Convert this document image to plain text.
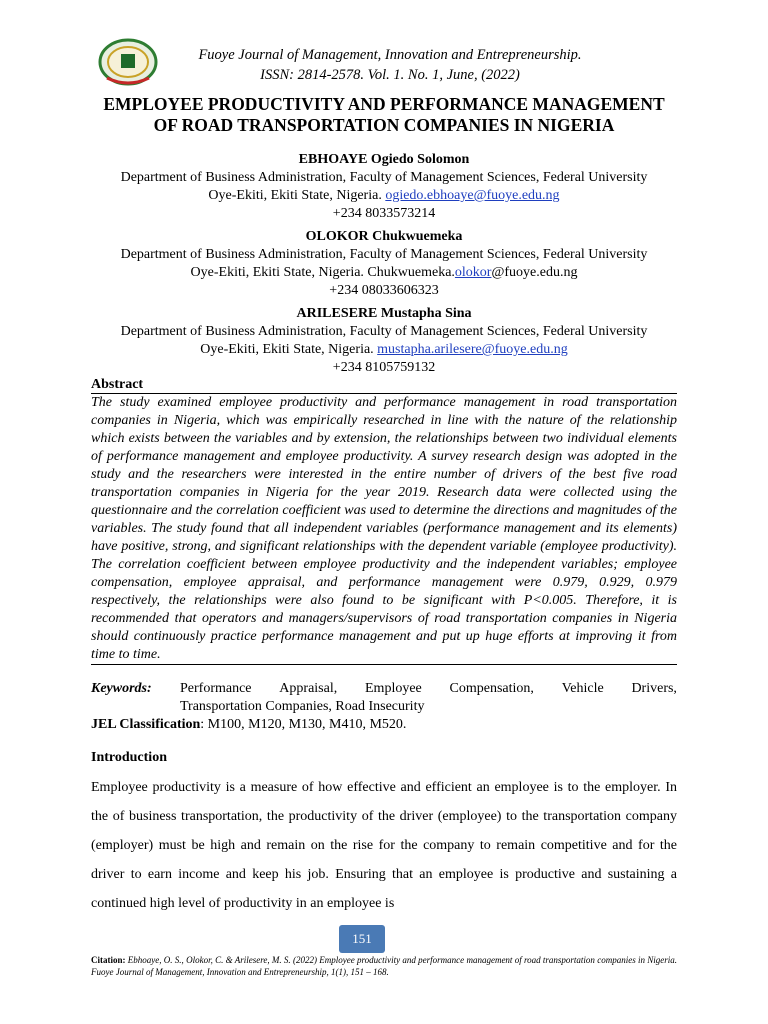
Fuoye Journal of Management, Innovation and Entrepreneurship.
ISSN: 2814-2578. Vol. 1. No. 1, June, (2022)
EMPLOYEE PRODUCTIVITY AND PERFORMANCE MANAGEMENT
OF ROAD TRANSPORTATION COMPANIES IN NIGERIA
EBHOAYE Ogiedo Solomon
Department of Business Administration, Faculty of Management Sciences, Federal University
Oye-Ekiti, Ekiti State, Nigeria. ogiedo.ebhoaye@fuoye.edu.ng
+234 8033573214
OLOKOR Chukwuemeka
Department of Business Administration, Faculty of Management Sciences, Federal University
Oye-Ekiti, Ekiti State, Nigeria. Chukwuemeka.olokor@fuoye.edu.ng
+234 08033606323
ARILESERE Mustapha Sina
Department of Business Administration, Faculty of Management Sciences, Federal University
Oye-Ekiti, Ekiti State, Nigeria. mustapha.arilesere@fuoye.edu.ng
+234 8105759132
Abstract
The study examined employee productivity and performance management in road transportation companies in Nigeria, which was empirically researched in line with the nature of the relationship which exists between the variables and by extension, the relationships between two individual elements of performance management and employee productivity. A survey research design was adopted in the study and the researchers were interested in the entire number of drivers of the best five road transportation companies in Nigeria for the year 2019. Research data were collected using the questionnaire and the correlation coefficient was used to determine the directions and magnitudes of the variables. The study found that all independent variables (performance management and its elements) have positive, strong, and significant relationships with the dependent variable (employee productivity). The correlation coefficient between employee productivity and the independent variables; employee compensation, employee appraisal, and performance management were 0.979, 0.929, 0.979 respectively, the relationships were also found to be significant with P<0.005. Therefore, it is recommended that operators and managers/supervisors of road transportation companies in Nigeria should continuously practice performance management and put up huge efforts at improving it from time to time.
Keywords:	Performance Appraisal, Employee Compensation, Vehicle Drivers,
Transportation Companies, Road Insecurity
JEL Classification: M100, M120, M130, M410, M520.
Introduction
Employee productivity is a measure of how effective and efficient an employee is to the employer. In the of business transportation, the productivity of the driver (employee) to the transportation company (employer) must be high and remain on the rise for the company to remain competitive and for the driver to earn income and keep his job. Ensuring that an employee is productive and sustaining a continued high level of productivity in an employee is
151
Citation: Ebhoaye, O. S., Olokor, C. & Arilesere, M. S. (2022) Employee productivity and performance management of road transportation companies in Nigeria. Fuoye Journal of Management, Innovation and Entrepreneurship, 1(1), 151 – 168.
